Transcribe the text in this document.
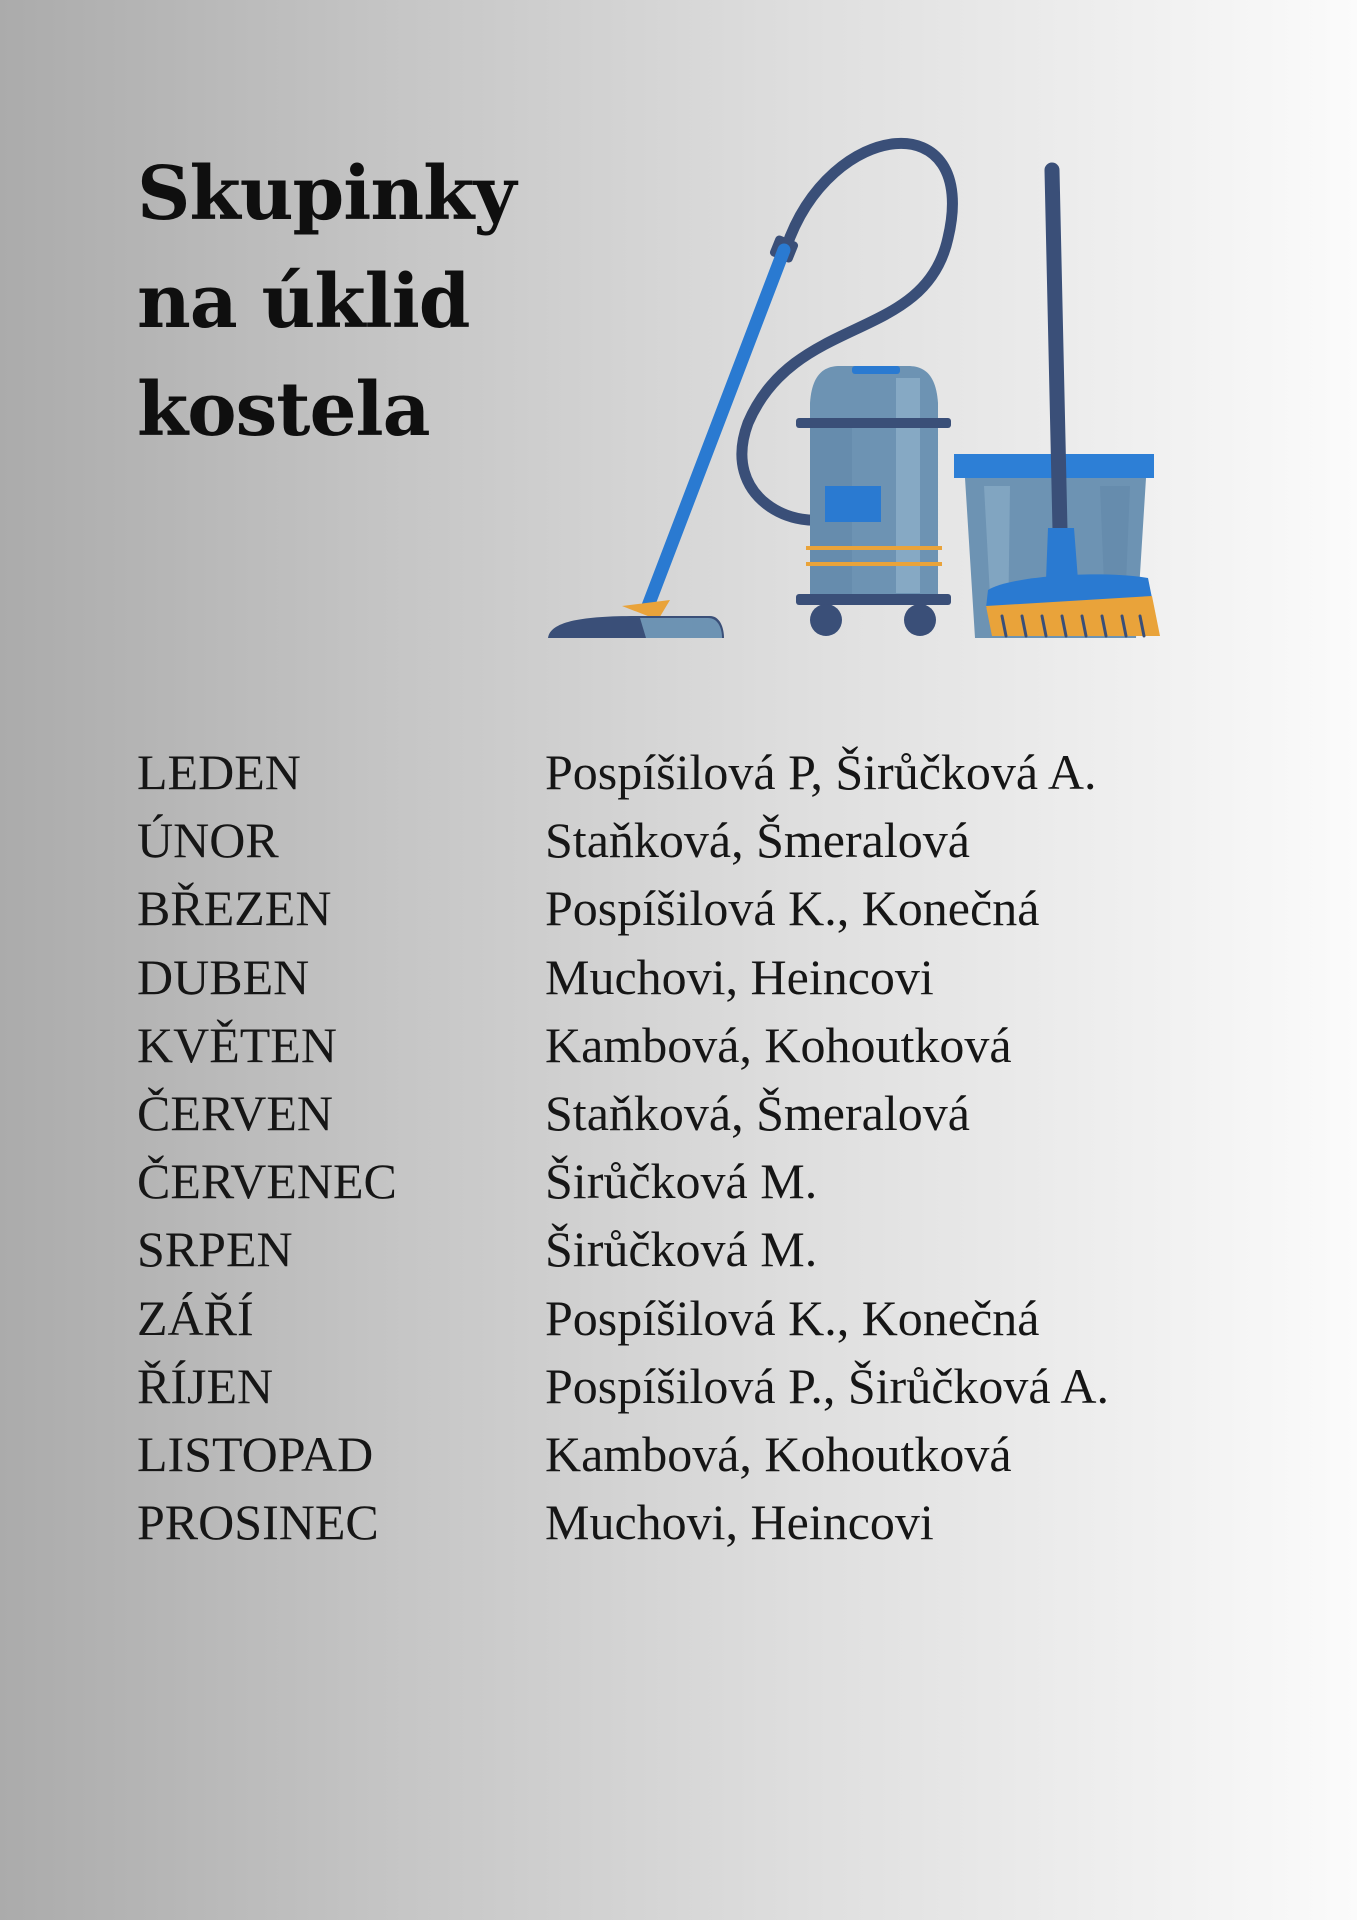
Skupinky
na úklid
kostela
LEDEN	Pospíšilová P, Širůčková A.
ÚNOR	Staňková, Šmeralová
BŘEZEN	Pospíšilová K., Konečná
DUBEN	Muchovi, Heincovi
KVĚTEN	Kambová, Kohoutková
ČERVEN	Staňková, Šmeralová
ČERVENEC	Širůčková M.
SRPEN	Širůčková M.
ZÁŘÍ	Pospíšilová K., Konečná
ŘÍJEN	Pospíšilová P., Širůčková A.
LISTOPAD	Kambová, Kohoutková
PROSINEC	Muchovi, Heincovi
